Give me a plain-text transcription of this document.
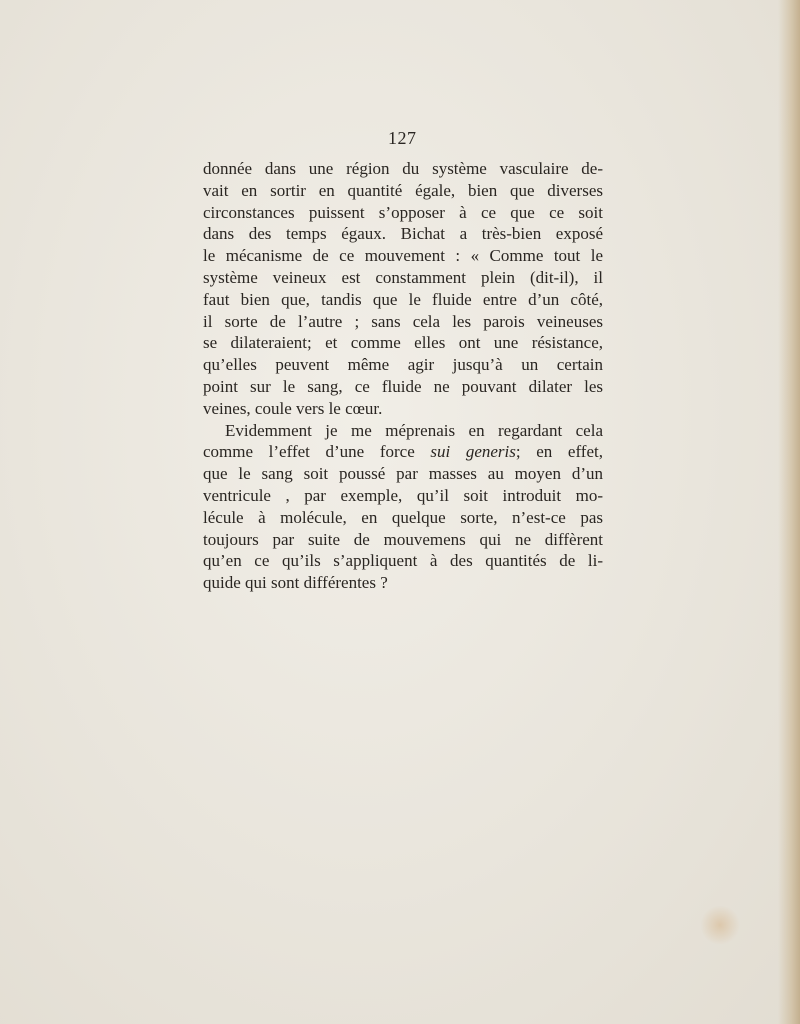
127
donnée dans une région du système vasculaire de-
vait en sortir en quantité égale, bien que diverses
circonstances puissent s’opposer à ce que ce soit
dans des temps égaux. Bichat a très-bien exposé
le mécanisme de ce mouvement : « Comme tout le
système veineux est constamment plein (dit-il), il
faut bien que, tandis que le fluide entre d’un côté,
il sorte de l’autre ; sans cela les parois veineuses
se dilateraient; et comme elles ont une résistance,
qu’elles peuvent même agir jusqu’à un certain
point sur le sang, ce fluide ne pouvant dilater les
veines, coule vers le cœur.
Evidemment je me méprenais en regardant cela
comme l’effet d’une force sui generis; en effet,
que le sang soit poussé par masses au moyen d’un
ventricule , par exemple, qu’il soit introduit mo-
lécule à molécule, en quelque sorte, n’est-ce pas
toujours par suite de mouvemens qui ne diffèrent
qu’en ce qu’ils s’appliquent à des quantités de li-
quide qui sont différentes ?
